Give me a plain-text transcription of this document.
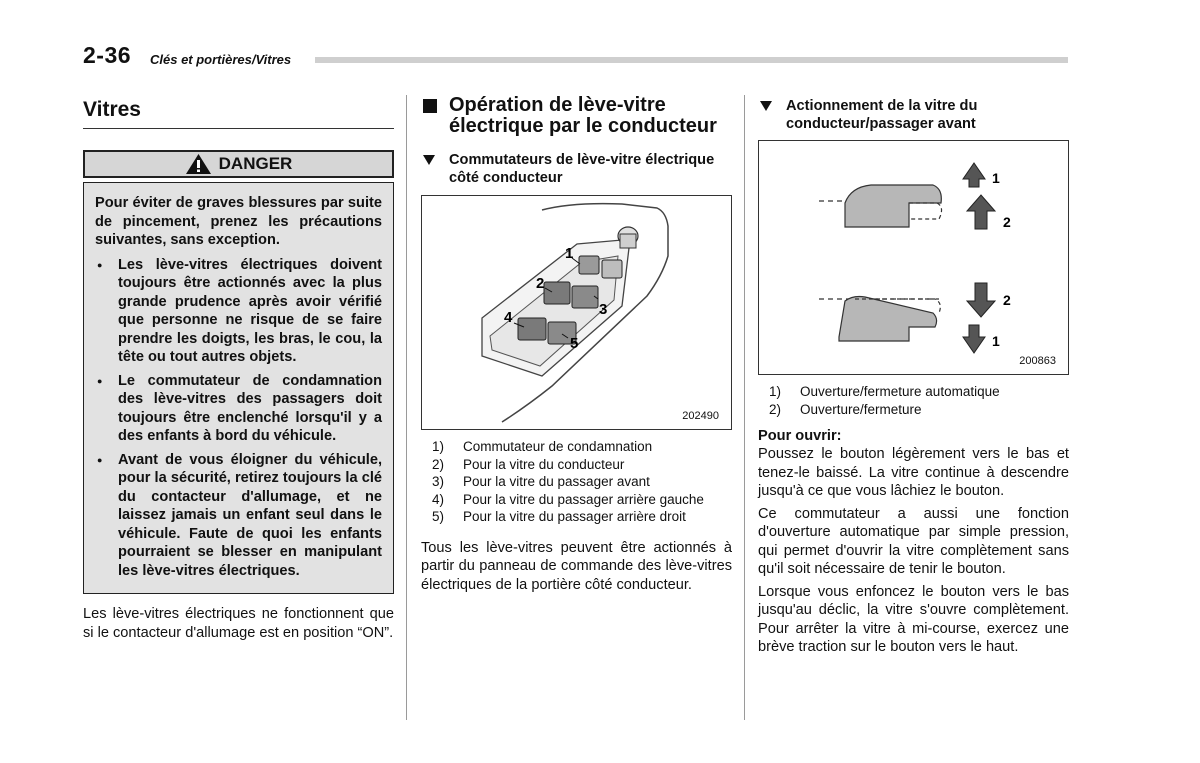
2-36 Clés et portières/Vitres
Vitres
DANGER

Pour éviter de graves blessures par suite de pincement, prenez les précautions suivantes, sans exception.

● Les lève-vitres électriques doivent toujours être actionnés avec la plus grande prudence après avoir vérifié que personne ne risque de se faire prendre les doigts, les bras, le cou, la tête ou tout autres objets.
● Le commutateur de condamnation des lève-vitres des passagers doit toujours être enclenché lorsqu'il y a des enfants à bord du véhicule.
● Avant de vous éloigner du véhicule, pour la sécurité, retirez toujours la clé du contacteur d'allumage, et ne laissez jamais un enfant seul dans le véhicule. Faute de quoi les enfants pourraient se blesser en manipulant les lève-vitres électriques.

Les lève-vitres électriques ne fonctionnent que si le contacteur d'allumage est en position “ON”.

Opération de lève-vitre électrique par le conducteur
Commutateurs de lève-vitre électrique côté conducteur
1
2
3
4
5
202490
1)	Commutateur de condamnation
2)	Pour la vitre du conducteur
3)	Pour la vitre du passager avant
4)	Pour la vitre du passager arrière gauche
5)	Pour la vitre du passager arrière droit

Tous les lève-vitres peuvent être actionnés à partir du panneau de commande des lève-vitres électriques de la portière côté conducteur.

Actionnement de la vitre du conducteur/passager avant
1
2
2
1
200863
1)	Ouverture/fermeture automatique
2)	Ouverture/fermeture
Pour ouvrir:

Poussez le bouton légèrement vers le bas et tenez-le baissé. La vitre continue à descendre jusqu'à ce que vous lâchiez le bouton.

Ce commutateur a aussi une fonction d'ouverture automatique par simple pression, qui permet d'ouvrir la vitre complètement sans qu'il soit nécessaire de tenir le bouton.

Lorsque vous enfoncez le bouton vers le bas jusqu'au déclic, la vitre s'ouvre complètement. Pour arrêter la vitre à mi-course, exercez une brève traction sur le bouton vers le haut.
